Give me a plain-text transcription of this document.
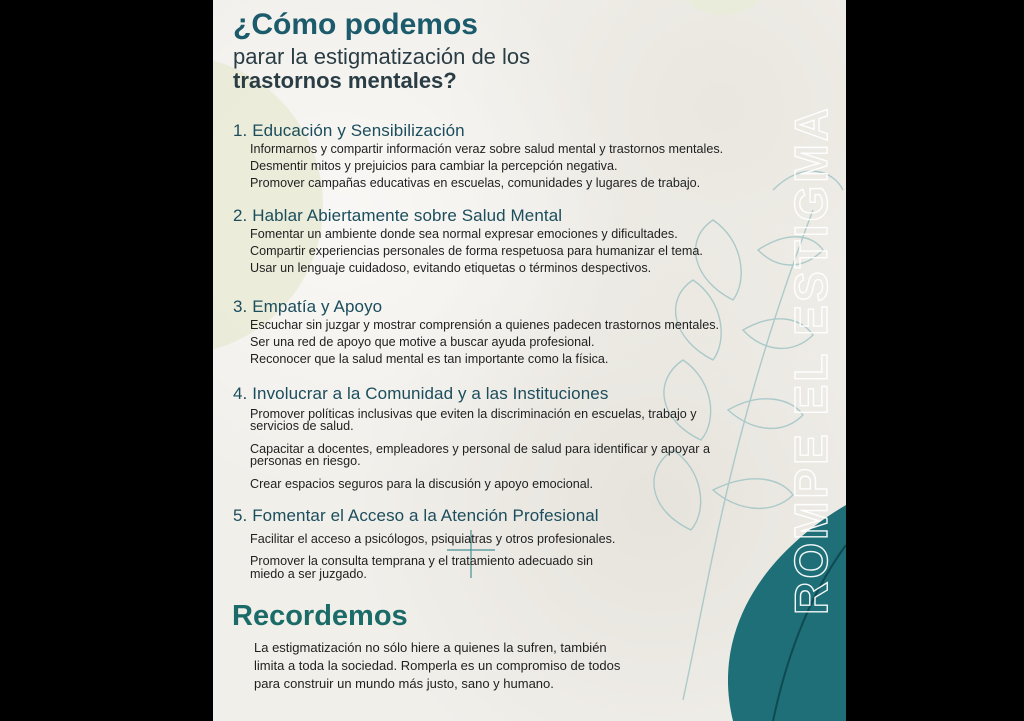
¿Cómo podemos
parar la estigmatización de los
trastornos mentales?
1. Educación y Sensibilización

Informarnos y compartir información veraz sobre salud mental y trastornos mentales.

Desmentir mitos y prejuicios para cambiar la percepción negativa.

Promover campañas educativas en escuelas, comunidades y lugares de trabajo.

2. Hablar Abiertamente sobre Salud Mental

Fomentar un ambiente donde sea normal expresar emociones y dificultades.

Compartir experiencias personales de forma respetuosa para humanizar el tema.

Usar un lenguaje cuidadoso, evitando etiquetas o términos despectivos.

3. Empatía y Apoyo

Escuchar sin juzgar y mostrar comprensión a quienes padecen trastornos mentales.

Ser una red de apoyo que motive a buscar ayuda profesional.

Reconocer que la salud mental es tan importante como la física.

4. Involucrar a la Comunidad y a las Instituciones

Promover políticas inclusivas que eviten la discriminación en escuelas, trabajo y

servicios de salud.

Capacitar a docentes, empleadores y personal de salud para identificar y apoyar a

personas en riesgo.

Crear espacios seguros para la discusión y apoyo emocional.

5. Fomentar el Acceso a la Atención Profesional

Facilitar el acceso a psicólogos, psiquiatras y otros profesionales.

Promover la consulta temprana y el tratamiento adecuado sin

miedo a ser juzgado.

Recordemos

La estigmatización no sólo hiere a quienes la sufren, también

limita a toda la sociedad. Romperla es un compromiso de todos

para construir un mundo más justo, sano y humano.

ROMPE EL ESTIGMA
